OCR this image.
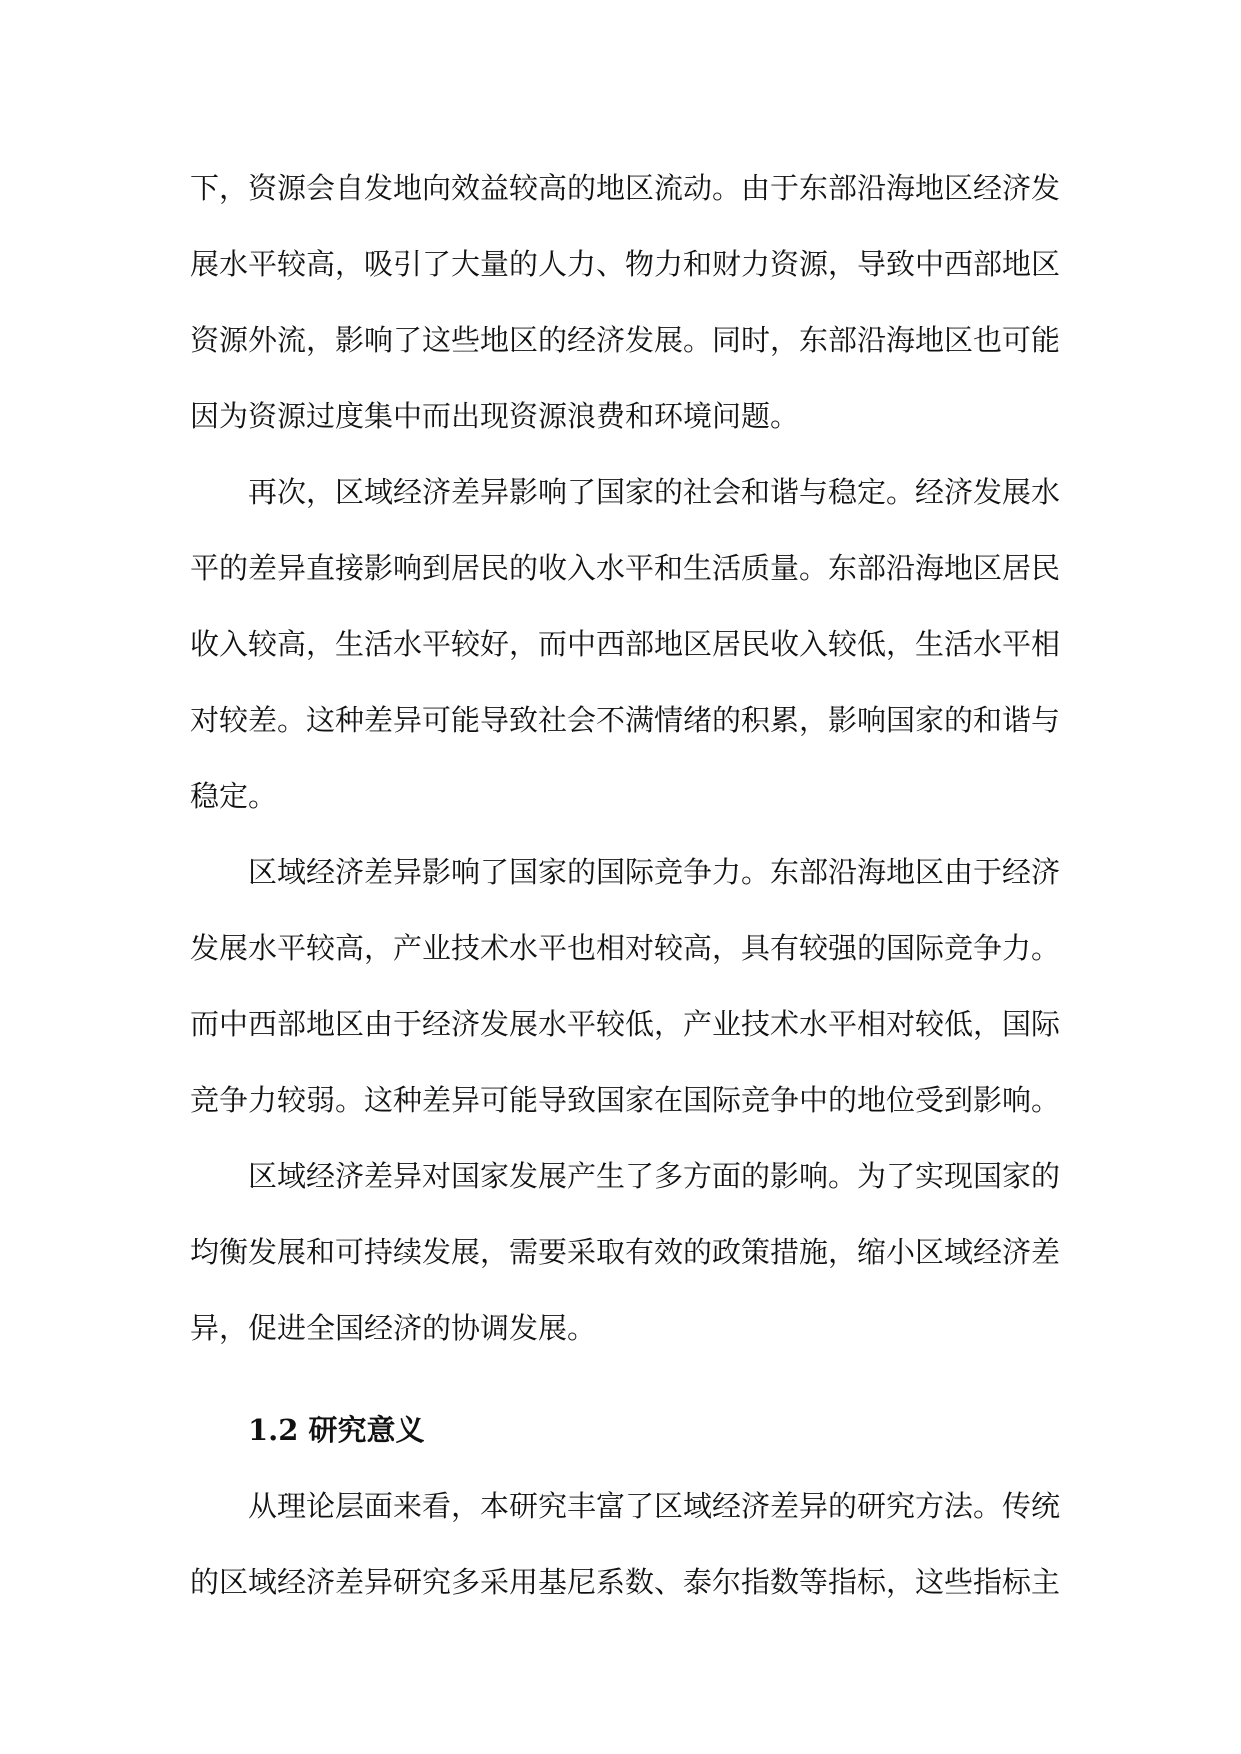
下，资源会自发地向效益较高的地区流动。由于东部沿海地区经济发
展水平较高，吸引了大量的人力、物力和财力资源，导致中西部地区
资源外流，影响了这些地区的经济发展。同时，东部沿海地区也可能
因为资源过度集中而出现资源浪费和环境问题。
再次，区域经济差异影响了国家的社会和谐与稳定。经济发展水
平的差异直接影响到居民的收入水平和生活质量。东部沿海地区居民
收入较高，生活水平较好，而中西部地区居民收入较低，生活水平相
对较差。这种差异可能导致社会不满情绪的积累，影响国家的和谐与
稳定。
区域经济差异影响了国家的国际竞争力。东部沿海地区由于经济
发展水平较高，产业技术水平也相对较高，具有较强的国际竞争力。
而中西部地区由于经济发展水平较低，产业技术水平相对较低，国际
竞争力较弱。这种差异可能导致国家在国际竞争中的地位受到影响。
区域经济差异对国家发展产生了多方面的影响。为了实现国家的
均衡发展和可持续发展，需要采取有效的政策措施，缩小区域经济差
异，促进全国经济的协调发展。
1.2 研究意义
从理论层面来看，本研究丰富了区域经济差异的研究方法。传统
的区域经济差异研究多采用基尼系数、泰尔指数等指标，这些指标主
